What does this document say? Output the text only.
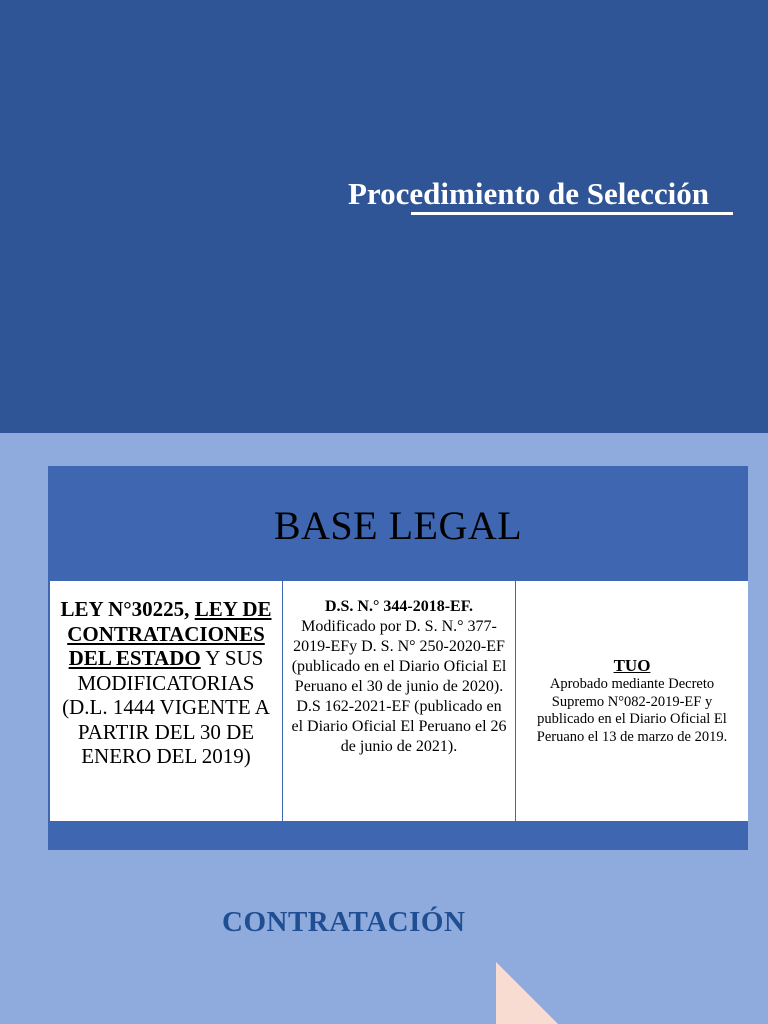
Procedimiento de Selección
BASE LEGAL
LEY N°30225, LEY DE CONTRATACIONES DEL ESTADO Y SUS MODIFICATORIAS (D.L. 1444 VIGENTE A PARTIR DEL 30 DE ENERO DEL 2019)
D.S. N.° 344-2018-EF.
Modificado por D. S. N.° 377-2019-EFy D. S. N° 250-2020-EF (publicado en el Diario Oficial El Peruano el 30 de junio de 2020). D.S 162-2021-EF (publicado en el Diario Oficial El Peruano el 26 de junio de 2021).
TUO
Aprobado mediante Decreto Supremo N°082-2019-EF y publicado en el Diario Oficial El Peruano el 13 de marzo de 2019.
CONTRATACIÓN
